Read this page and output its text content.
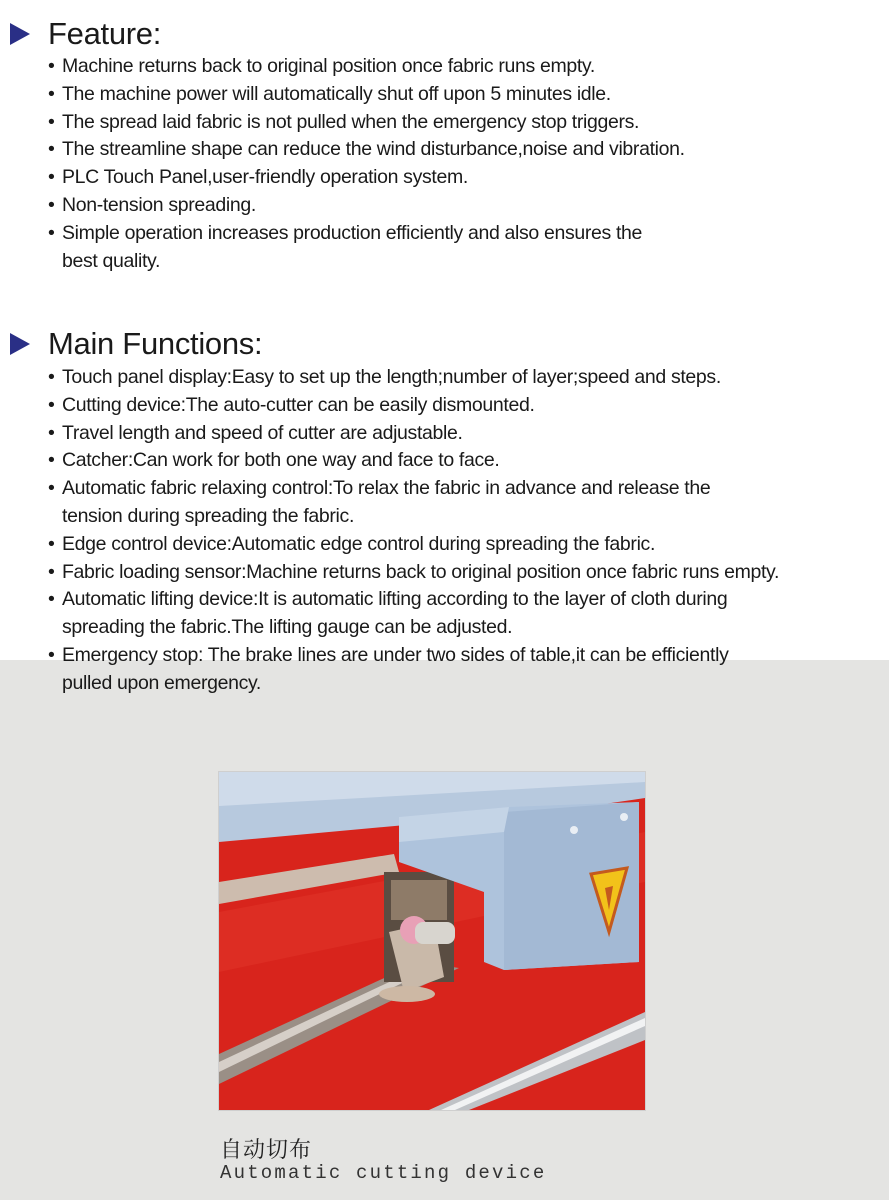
Feature:
• Machine returns back to original position once fabric runs empty.
• The machine power will automatically shut off upon 5 minutes idle.
• The spread laid fabric is not pulled when the emergency stop triggers.
• The streamline shape can reduce the wind disturbance,noise and vibration.
• PLC Touch Panel,user-friendly operation system.
• Non-tension spreading.
• Simple operation increases production efficiently and also ensures the
best quality.
Main Functions:
• Touch panel display:Easy to set up the length;number of layer;speed and steps.
• Cutting device:The auto-cutter can be easily dismounted.
• Travel length and speed of cutter are adjustable.
• Catcher:Can work for both one way and face to face.
• Automatic fabric relaxing control:To relax the fabric in advance and release the
tension during spreading the fabric.
• Edge control device:Automatic edge control during spreading the fabric.
• Fabric loading sensor:Machine returns back to original position once fabric runs empty.
• Automatic lifting device:It is automatic lifting according to the layer of cloth during
spreading the fabric.The lifting gauge can be adjusted.
• Emergency stop: The brake lines are under two sides of table,it can be efficiently
pulled upon emergency.
自动切布
Automatic cutting device
